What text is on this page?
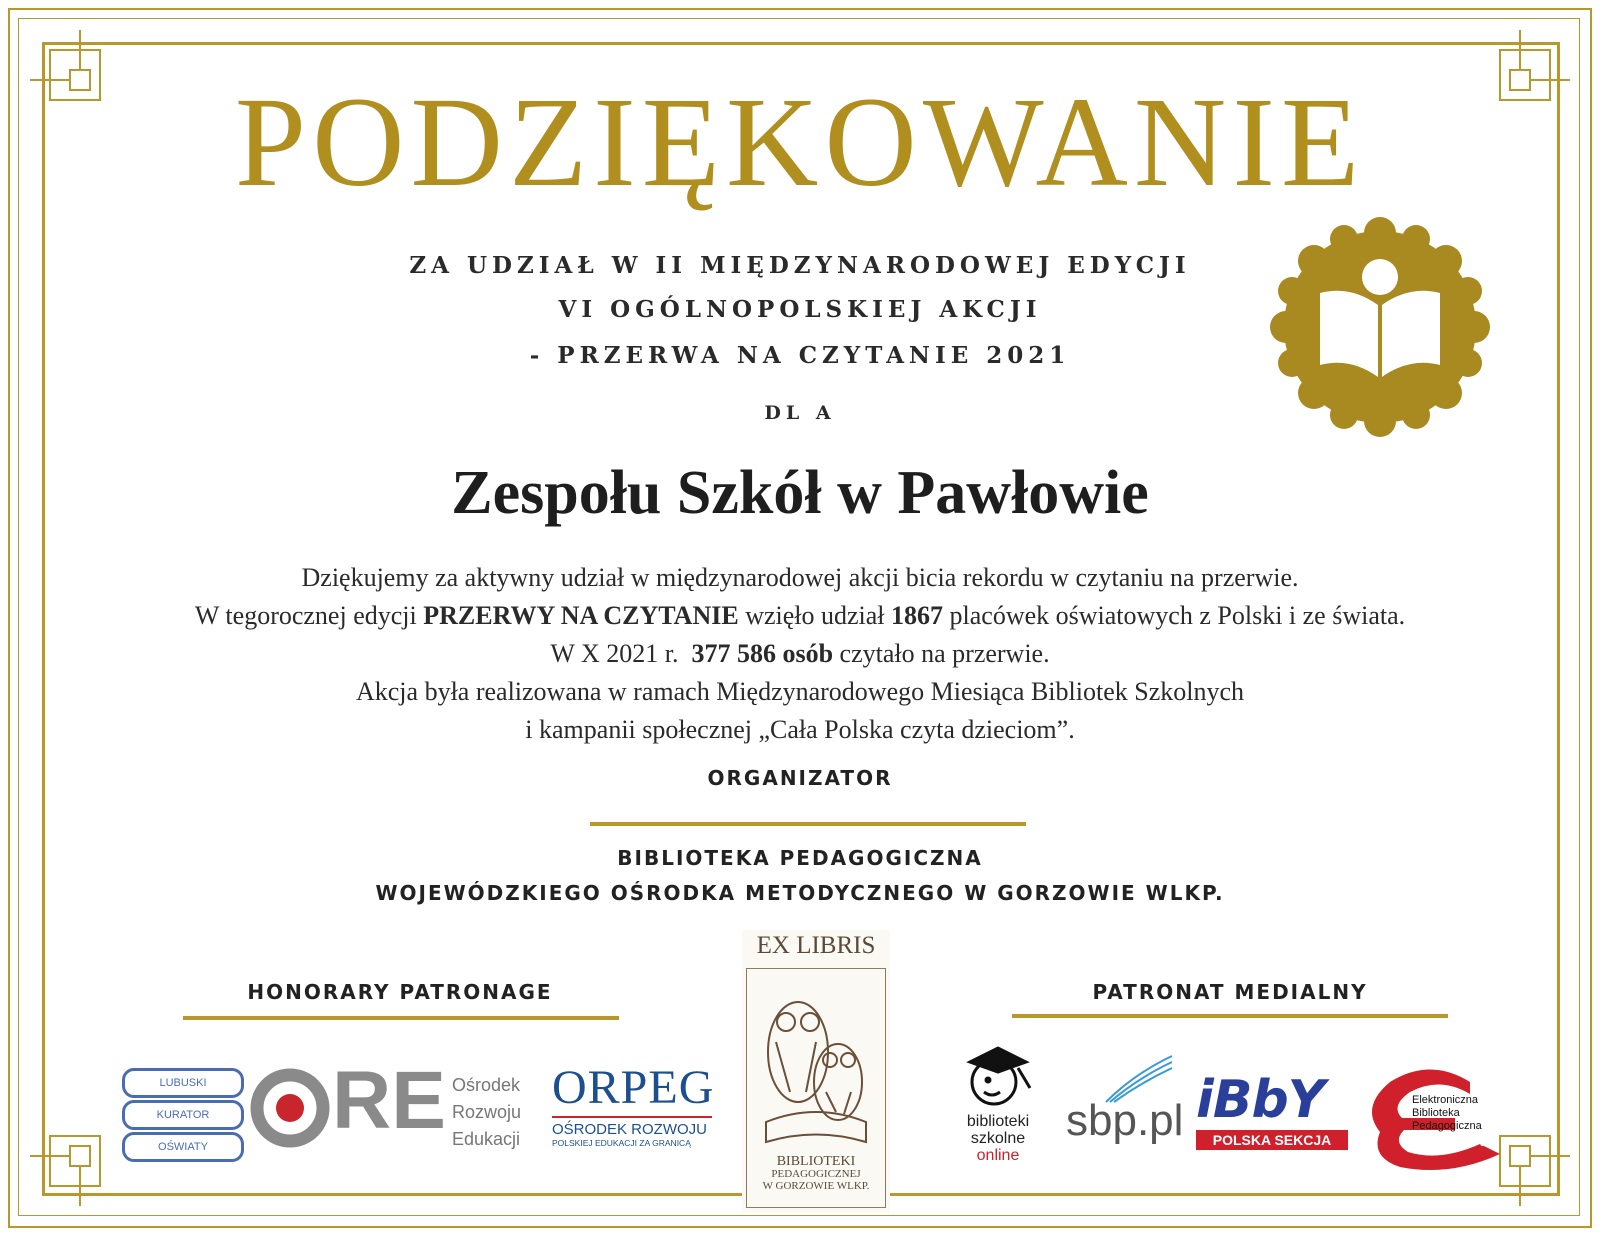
PODZIĘKOWANIE
ZA UDZIAŁ W II MIĘDZYNARODOWEJ EDYCJI
VI OGÓLNOPOLSKIEJ AKCJI
- PRZERWA NA CZYTANIE 2021
DL A
Zespołu Szkół w Pawłowie
Dziękujemy za aktywny udział w międzynarodowej akcji bicia rekordu w czytaniu na przerwie.
W tegorocznej edycji PRZERWY NA CZYTANIE wzięło udział 1867 placówek oświatowych z Polski i ze świata.
W X 2021 r.  377 586 osób czytało na przerwie.
Akcja była realizowana w ramach Międzynarodowego Miesiąca Bibliotek Szkolnych
i kampanii społecznej „Cała Polska czyta dzieciom”.
ORGANIZATOR
BIBLIOTEKA PEDAGOGICZNA
WOJEWÓDZKIEGO OŚRODKA METODYCZNEGO W GORZOWIE WLKP.
HONORARY PATRONAGE
LUBUSKI
KURATOR
OŚWIATY
RE Ośrodek
Rozwoju
Edukacji
ORPEG
OŚRODEK ROZWOJU
POLSKIEJ EDUKACJI ZA GRANICĄ
EX LIBRIS
BIBLIOTEKI
PEDAGOGICZNEJ
W GORZOWIE WLKP.
PATRONAT MEDIALNY
biblioteki
szkolne
online
sbp.pl iBbY
POLSKA SEKCJA
Elektroniczna
Biblioteka
Pedagogiczna
SBP
